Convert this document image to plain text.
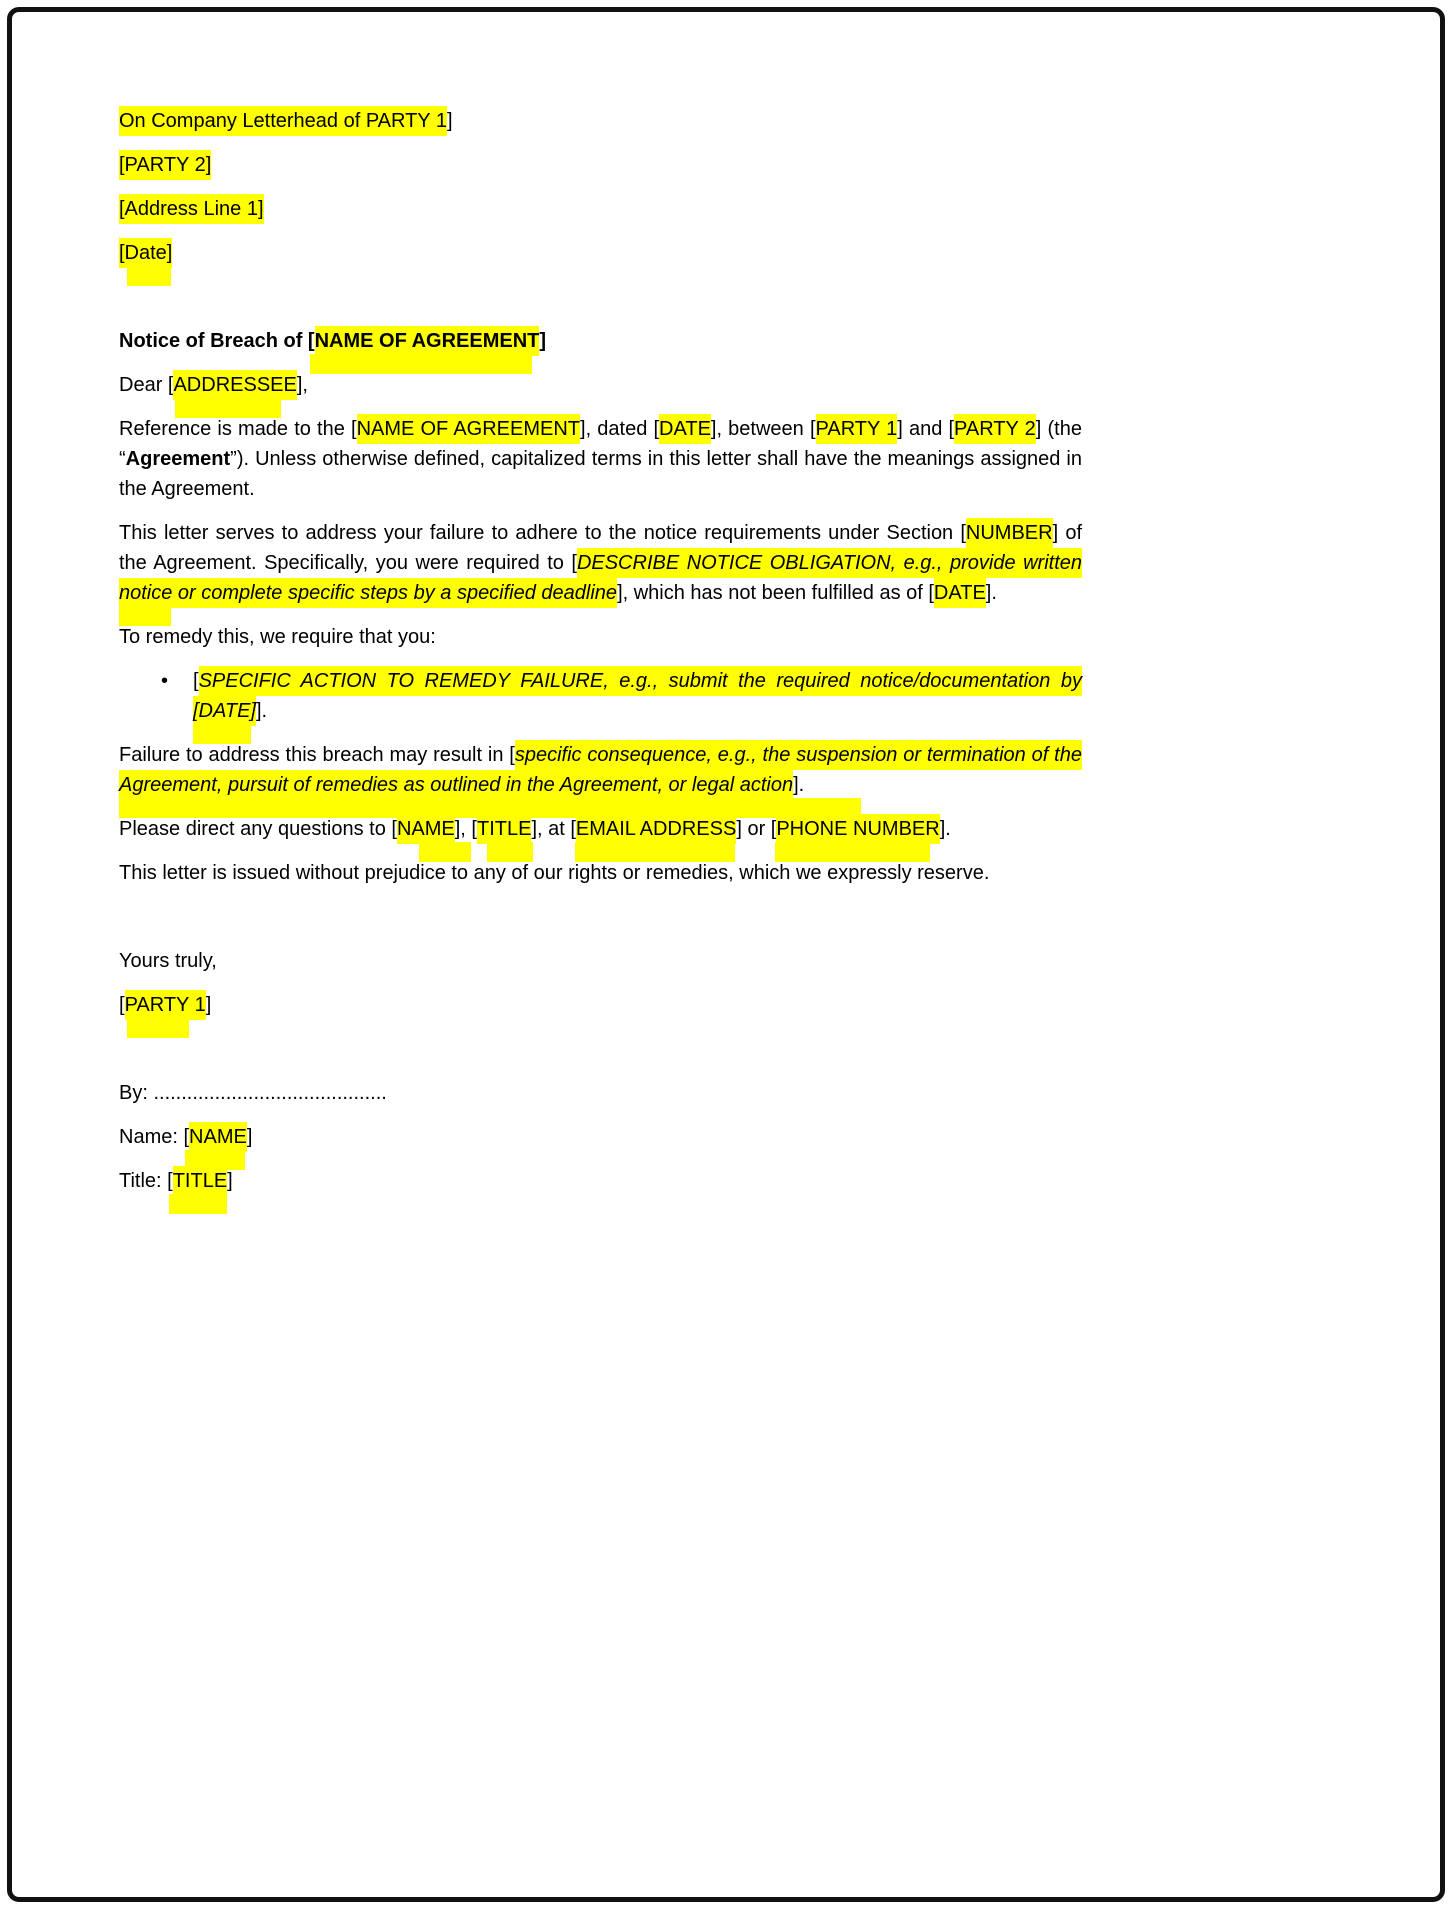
On Company Letterhead of PARTY 1]
[PARTY 2]
[Address Line 1]
[Date]
Notice of Breach of [NAME OF AGREEMENT]
Dear [ADDRESSEE],
Reference is made to the [NAME OF AGREEMENT], dated [DATE], between [PARTY 1] and [PARTY 2] (the “Agreement”). Unless otherwise defined, capitalized terms in this letter shall have the meanings assigned in the Agreement.
This letter serves to address your failure to adhere to the notice requirements under Section [NUMBER] of the Agreement. Specifically, you were required to [DESCRIBE NOTICE OBLIGATION, e.g., provide written notice or complete specific steps by a specified deadline], which has not been fulfilled as of [DATE].
To remedy this, we require that you:
• [SPECIFIC ACTION TO REMEDY FAILURE, e.g., submit the required notice/documentation by [DATE]].
Failure to address this breach may result in [specific consequence, e.g., the suspension or termination of the Agreement, pursuit of remedies as outlined in the Agreement, or legal action].
Please direct any questions to [NAME], [TITLE], at [EMAIL ADDRESS] or [PHONE NUMBER].
This letter is issued without prejudice to any of our rights or remedies, which we expressly reserve.
Yours truly,
[PARTY 1]
By: ..........................................
Name: [NAME]
Title: [TITLE]
